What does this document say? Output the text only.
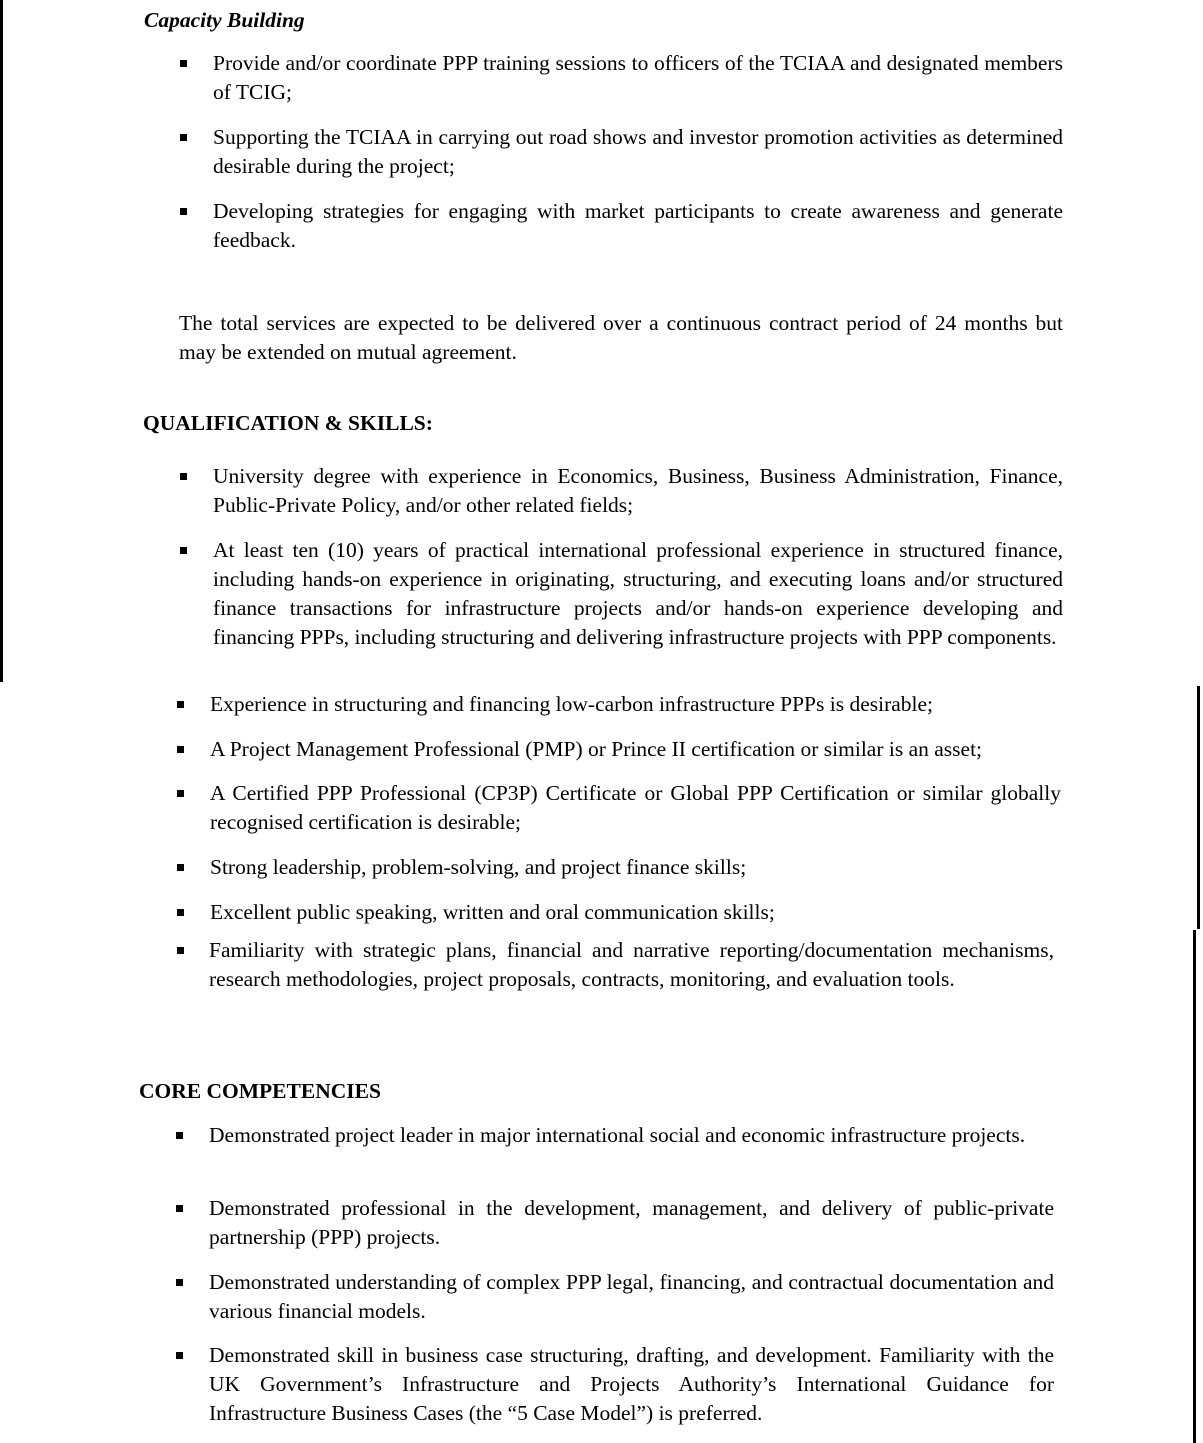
Capacity Building
Provide and/or coordinate PPP training sessions to officers of the TCIAA and designated members of TCIG;
Supporting the TCIAA in carrying out road shows and investor promotion activities as determined desirable during the project;
Developing strategies for engaging with market participants to create awareness and generate feedback.

The total services are expected to be delivered over a continuous contract period of 24 months but may be extended on mutual agreement.

QUALIFICATION & SKILLS:
University degree with experience in Economics, Business, Business Administration, Finance, Public-Private Policy, and/or other related fields;
At least ten (10) years of practical international professional experience in structured finance, including hands-on experience in originating, structuring, and executing loans and/or structured finance transactions for infrastructure projects and/or hands-on experience developing and financing PPPs, including structuring and delivering infrastructure projects with PPP components.
Experience in structuring and financing low-carbon infrastructure PPPs is desirable;
A Project Management Professional (PMP) or Prince II certification or similar is an asset;
A Certified PPP Professional (CP3P) Certificate or Global PPP Certification or similar globally recognised certification is desirable;
Strong leadership, problem-solving, and project finance skills;
Excellent public speaking, written and oral communication skills;
Familiarity with strategic plans, financial and narrative reporting/documentation mechanisms, research methodologies, project proposals, contracts, monitoring, and evaluation tools.
CORE COMPETENCIES
Demonstrated project leader in major international social and economic infrastructure projects.
Demonstrated professional in the development, management, and delivery of public-private partnership (PPP) projects.
Demonstrated understanding of complex PPP legal, financing, and contractual documentation and various financial models.
Demonstrated skill in business case structuring, drafting, and development. Familiarity with the UK Government’s Infrastructure and Projects Authority’s International Guidance for Infrastructure Business Cases (the “5 Case Model”) is preferred.
